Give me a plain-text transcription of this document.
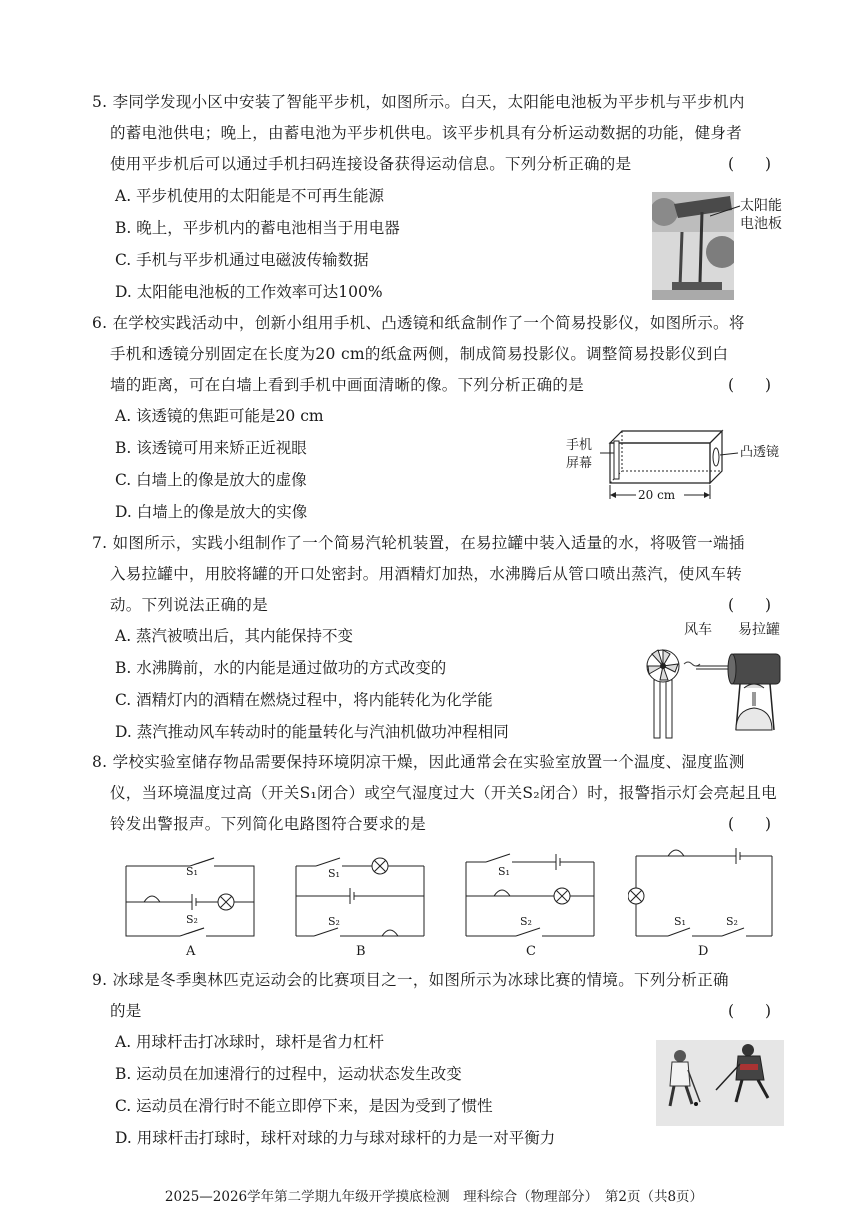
5. 李同学发现小区中安装了智能平步机，如图所示。白天，太阳能电池板为平步机与平步机内
的蓄电池供电；晚上，由蓄电池为平步机供电。该平步机具有分析运动数据的功能，健身者
使用平步机后可以通过手机扫码连接设备获得运动信息。下列分析正确的是	(　　)
A. 平步机使用的太阳能是不可再生能源
B. 晚上，平步机内的蓄电池相当于用电器
C. 手机与平步机通过电磁波传输数据
D. 太阳能电池板的工作效率可达100%
太阳能
电池板
6. 在学校实践活动中，创新小组用手机、凸透镜和纸盒制作了一个简易投影仪，如图所示。将
手机和透镜分别固定在长度为20 cm的纸盒两侧，制成简易投影仪。调整简易投影仪到白
墙的距离，可在白墙上看到手机中画面清晰的像。下列分析正确的是	(　　)
A. 该透镜的焦距可能是20 cm
B. 该透镜可用来矫正近视眼
C. 白墙上的像是放大的虚像
D. 白墙上的像是放大的实像
手机
屏幕
凸透镜
20 cm
7. 如图所示，实践小组制作了一个简易汽轮机装置，在易拉罐中装入适量的水，将吸管一端插
入易拉罐中，用胶将罐的开口处密封。用酒精灯加热，水沸腾后从管口喷出蒸汽，使风车转
动。下列说法正确的是	(　　)
A. 蒸汽被喷出后，其内能保持不变
B. 水沸腾前，水的内能是通过做功的方式改变的
C. 酒精灯内的酒精在燃烧过程中，将内能转化为化学能
D. 蒸汽推动风车转动时的能量转化与汽油机做功冲程相同
风车 易拉罐
8. 学校实验室储存物品需要保持环境阴凉干燥，因此通常会在实验室放置一个温度、湿度监测
仪，当环境温度过高（开关S₁闭合）或空气湿度过大（开关S₂闭合）时，报警指示灯会亮起且电
铃发出警报声。下列简化电路图符合要求的是	(　　)
S₁
S₂
A
S₁
S₂
B
S₁
S₂
C
S₁	S₂
D
9. 冰球是冬季奥林匹克运动会的比赛项目之一，如图所示为冰球比赛的情境。下列分析正确
的是	(　　)
A. 用球杆击打冰球时，球杆是省力杠杆
B. 运动员在加速滑行的过程中，运动状态发生改变
C. 运动员在滑行时不能立即停下来，是因为受到了惯性
D. 用球杆击打球时，球杆对球的力与球对球杆的力是一对平衡力
2025—2026学年第二学期九年级开学摸底检测　理科综合（物理部分）　第2页（共8页）
